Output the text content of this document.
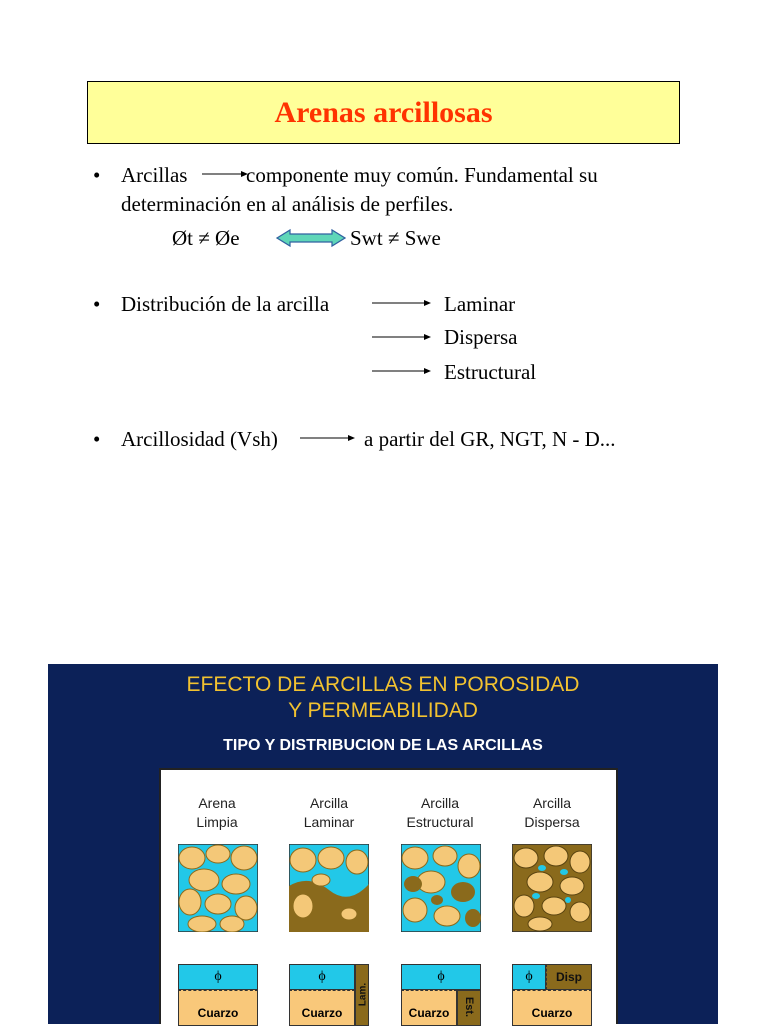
Arenas arcillosas
• Arcillas	componente muy común. Fundamental su
determinación en al análisis de perfiles.
Øt ≠ Øe	Swt ≠ Swe
• Distribución de la arcilla	Laminar
Dispersa
Estructural
• Arcillosidad (Vsh)	a partir del GR, NGT, N - D...
EFECTO DE ARCILLAS EN POROSIDAD
Y PERMEABILIDAD
TIPO Y DISTRIBUCION DE LAS ARCILLAS
Arena
Limpia
Arcilla
Laminar
Arcilla
Estructural
Arcilla
Dispersa
ϕ
Cuarzo
ϕ
Cuarzo
Lam.
ϕ
Cuarzo	Est.
ϕ	Disp
Cuarzo
